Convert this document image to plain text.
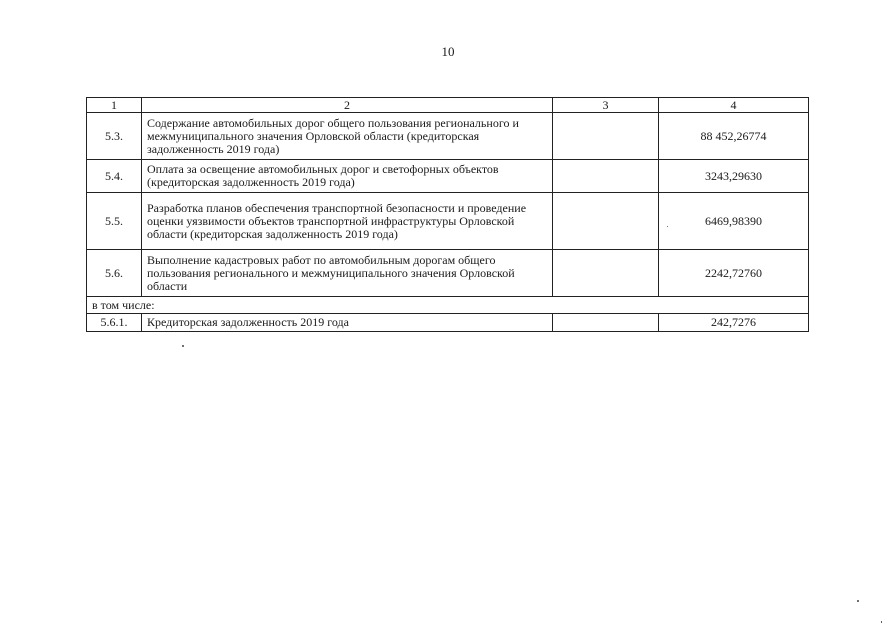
10
1	2	3	4
5.3.	Содержание автомобильных дорог общего пользования регионального и межмуниципального значения Орловской области (кредиторская задолженность 2019 года)		88 452,26774
5.4.	Оплата за освещение автомобильных дорог и светофорных объектов (кредиторская задолженность 2019 года)		3243,29630
5.5.	Разработка планов обеспечения транспортной безопасности и проведение оценки уязвимости объектов транспортной инфраструктуры Орловской области (кредиторская задолженность 2019 года)		6469,98390
5.6.	Выполнение кадастровых работ по автомобильным дорогам общего пользования регионального и межмуниципального значения Орловской области		2242,72760
в том числе:			
5.6.1.	Кредиторская задолженность 2019 года		242,7276
